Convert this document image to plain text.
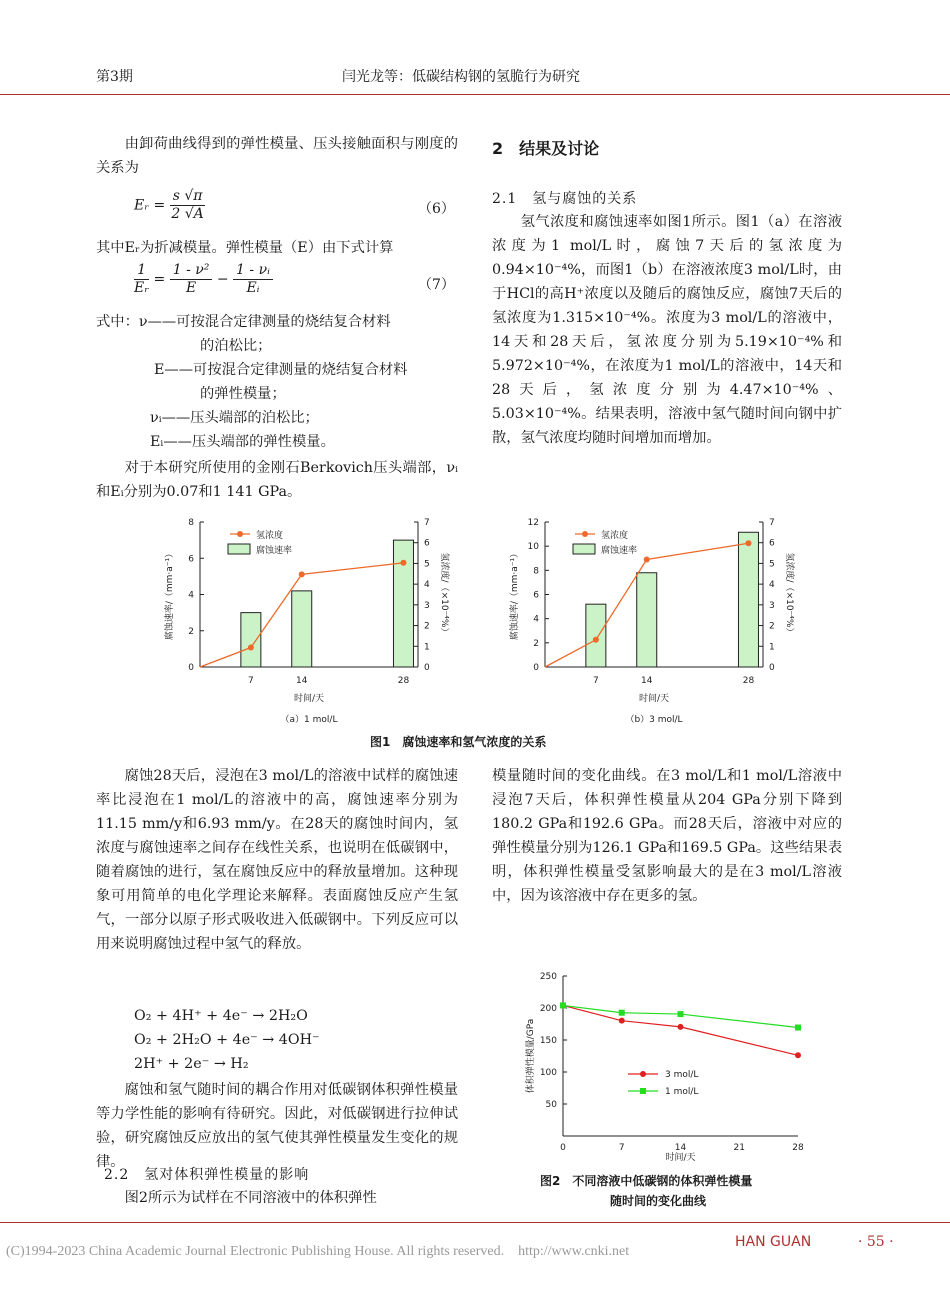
第3期	闫光龙等：低碳结构钢的氢脆行为研究

由卸荷曲线得到的弹性模量、压头接触面积与刚度的关系为

Eᵣ = $\frac{s √\pi}{2 √A}$	（6）

其中Eᵣ为折减模量。弹性模量（E）由下式计算

$\frac{1}{\text{Eᵣ}} = \frac{\text{1 - ν²}}{E} - \frac{\text{1 - νᵢ}}{\text{Eᵢ}}$	（7）
式中：ν——可按混合定律测量的烧结复合材料
的泊松比；
E——可按混合定律测量的烧结复合材料
的弹性模量；
νᵢ——压头端部的泊松比；
Eᵢ——压头端部的弹性模量。

对于本研究所使用的金刚石Berkovich压头端部，νᵢ和Eᵢ分别为0.07和1 141 GPa。

2　结果及讨论
2.1　氢与腐蚀的关系

氢气浓度和腐蚀速率如图1所示。图1（a）在溶液浓度为1 mol/L时，腐蚀7天后的氢浓度为0.94×10⁻⁴%，而图1（b）在溶液浓度3 mol/L时，由于HCl的高H⁺浓度以及随后的腐蚀反应，腐蚀7天后的氢浓度为1.315×10⁻⁴%。浓度为3 mol/L的溶液中，14天和28天后，氢浓度分别为5.19×10⁻⁴%和5.972×10⁻⁴%，在浓度为1 mol/L的溶液中，14天和28天后，氢浓度分别为4.47×10⁻⁴%、5.03×10⁻⁴%。结果表明，溶液中氢气随时间向钢中扩散，氢气浓度均随时间增加而增加。

0
2
4
6
8
0
1
2
3
4
5
6
7
7	14	28
氢浓度
腐蚀速率
时间/天
腐蚀速率/（mm·a⁻¹）	氢浓度/（×10⁻⁴%）
（a）1 mol/L
0
2
4
6
8
10
12
0
1
2
3
4
5
6
7
7	14	28
氢浓度
腐蚀速率
时间/天
腐蚀速率/（mm·a⁻¹）	氢浓度/（×10⁻⁴%）
（b）3 mol/L
图1　腐蚀速率和氢气浓度的关系

腐蚀28天后，浸泡在3 mol/L的溶液中试样的腐蚀速率比浸泡在1 mol/L的溶液中的高，腐蚀速率分别为11.15 mm/y和6.93 mm/y。在28天的腐蚀时间内，氢浓度与腐蚀速率之间存在线性关系，也说明在低碳钢中，随着腐蚀的进行，氢在腐蚀反应中的释放量增加。这种现象可用简单的电化学理论来解释。表面腐蚀反应产生氢气，一部分以原子形式吸收进入低碳钢中。下列反应可以用来说明腐蚀过程中氢气的释放。

O₂ + 4H⁺ + 4e⁻ → 2H₂O
O₂ + 2H₂O + 4e⁻ → 4OH⁻
2H⁺ + 2e⁻ → H₂

腐蚀和氢气随时间的耦合作用对低碳钢体积弹性模量等力学性能的影响有待研究。因此，对低碳钢进行拉伸试验，研究腐蚀反应放出的氢气使其弹性模量发生变化的规律。

2.2　氢对体积弹性模量的影响

图2所示为试样在不同溶液中的体积弹性

模量随时间的变化曲线。在3 mol/L和1 mol/L溶液中浸泡7天后，体积弹性模量从204 GPa分别下降到180.2 GPa和192.6 GPa。而28天后，溶液中对应的弹性模量分别为126.1 GPa和169.5 GPa。这些结果表明，体积弹性模量受氢影响最大的是在3 mol/L溶液中，因为该溶液中存在更多的氢。

50
100
150
200
250
0	7	14	21	28
3 mol/L
1 mol/L
时间/天
体积弹性模量/GPa
图2　不同溶液中低碳钢的体积弹性模量
随时间的变化曲线
(C)1994-2023 China Academic Journal Electronic Publishing House. All rights reserved.　http://www.cnki.net
HAN GUAN	· 55 ·
